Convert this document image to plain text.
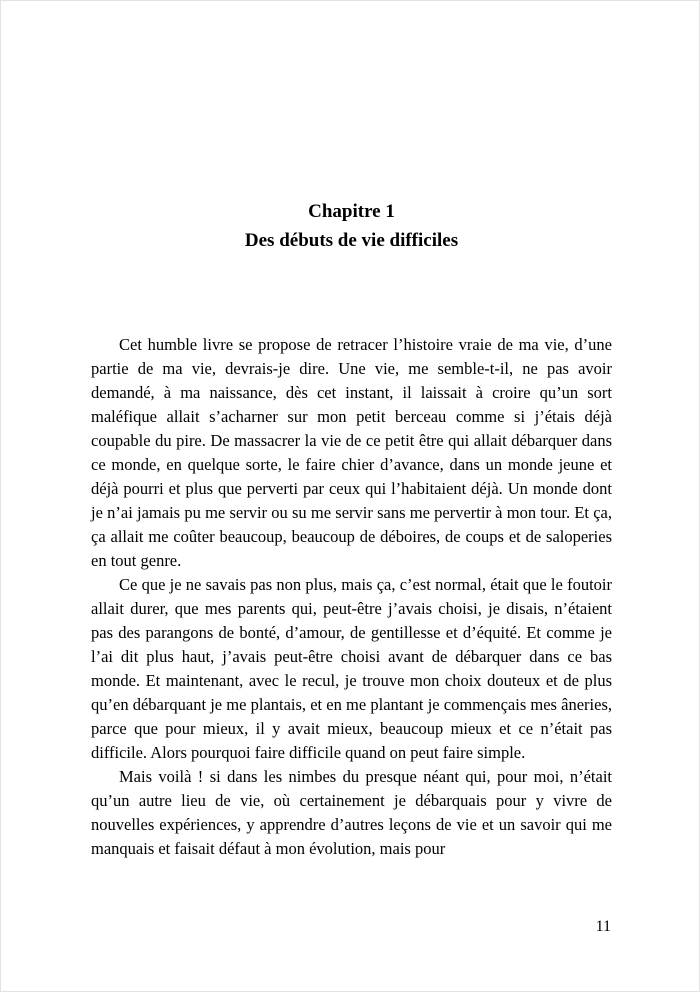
Chapitre 1
Des débuts de vie difficiles

Cet humble livre se propose de retracer l’histoire vraie de ma vie, d’une partie de ma vie, devrais-je dire. Une vie, me semble-t-il, ne pas avoir demandé, à ma naissance, dès cet instant, il laissait à croire qu’un sort maléfique allait s’acharner sur mon petit berceau comme si j’étais déjà coupable du pire. De massacrer la vie de ce petit être qui allait débarquer dans ce monde, en quelque sorte, le faire chier d’avance, dans un monde jeune et déjà pourri et plus que perverti par ceux qui l’habitaient déjà. Un monde dont je n’ai jamais pu me servir ou su me servir sans me pervertir à mon tour. Et ça, ça allait me coûter beaucoup, beaucoup de déboires, de coups et de saloperies en tout genre.

Ce que je ne savais pas non plus, mais ça, c’est normal, était que le foutoir allait durer, que mes parents qui, peut-être j’avais choisi, je disais, n’étaient pas des parangons de bonté, d’amour, de gentillesse et d’équité. Et comme je l’ai dit plus haut, j’avais peut-être choisi avant de débarquer dans ce bas monde. Et maintenant, avec le recul, je trouve mon choix douteux et de plus qu’en débarquant je me plantais, et en me plantant je commençais mes âneries, parce que pour mieux, il y avait mieux, beaucoup mieux et ce n’était pas difficile. Alors pourquoi faire difficile quand on peut faire simple.

Mais voilà ! si dans les nimbes du presque néant qui, pour moi, n’était qu’un autre lieu de vie, où certainement je débarquais pour y vivre de nouvelles expériences, y apprendre d’autres leçons de vie et un savoir qui me manquais et faisait défaut à mon évolution, mais pour

11
